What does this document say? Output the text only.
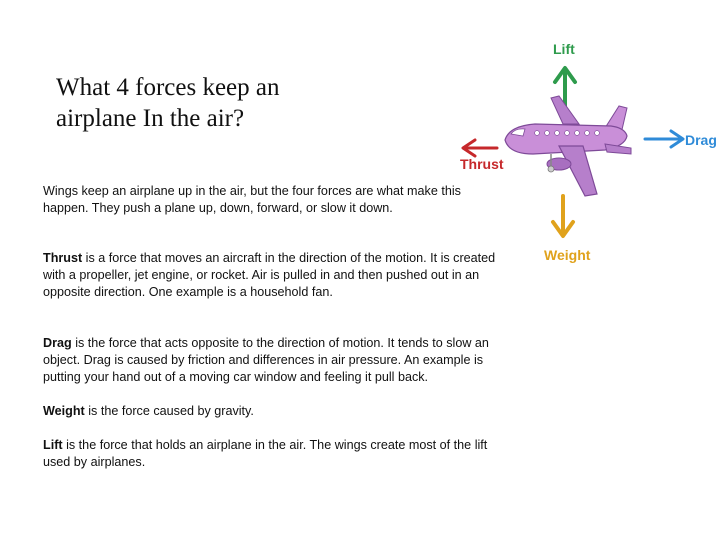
What 4 forces keep an airplane In the air?

Wings keep an airplane up in the air, but the four forces are what make this happen. They push a plane up, down, forward, or slow it down.

Thrust is a force that moves an aircraft in the direction of the motion. It is created with a propeller, jet engine, or rocket. Air is pulled in and then pushed out in an opposite direction. One example is a household fan.

Drag is the force that acts opposite to the direction of motion. It tends to slow an object. Drag is caused by friction and differences in air pressure. An example is putting your hand out of a moving car window and feeling it pull back.

Weight is the force caused by gravity.

Lift is the force that holds an airplane in the air. The wings create most of the lift used by airplanes.

Lift
Drag
Thrust
Weight
